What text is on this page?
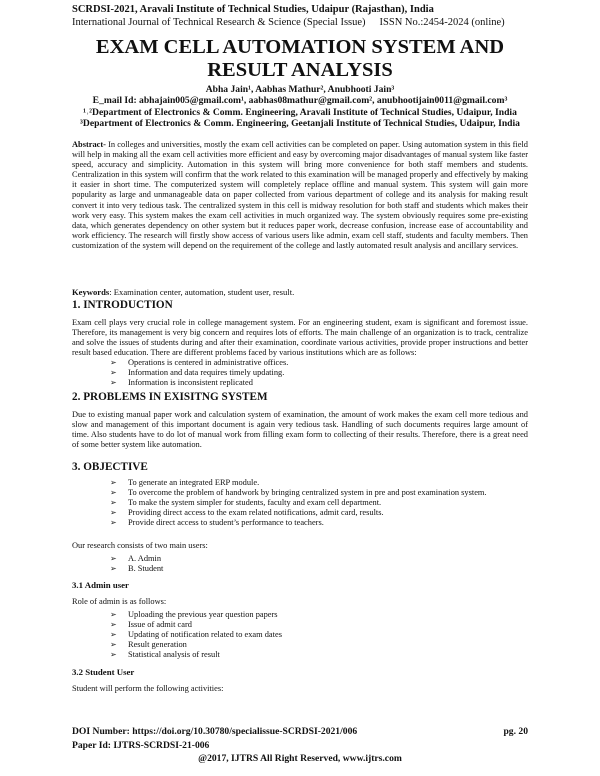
SCRDSI-2021, Aravali Institute of Technical Studies, Udaipur (Rajasthan), India
International Journal of Technical Research & Science (Special Issue) ISSN No.:2454-2024 (online)
EXAM CELL AUTOMATION SYSTEM AND
RESULT ANALYSIS
Abha Jain¹, Aabhas Mathur², Anubhooti Jain³
E_mail Id: abhajain005@gmail.com¹, aabhas08mathur@gmail.com², anubhootijain0011@gmail.com³
¹˒²Department of Electronics & Comm. Engineering, Aravali Institute of Technical Studies, Udaipur, India
³Department of Electronics & Comm. Engineering, Geetanjali Institute of Technical Studies, Udaipur, India
Abstract- In colleges and universities, mostly the exam cell activities can be completed on paper. Using automation system in this field will help in making all the exam cell activities more efficient and easy by overcoming major disadvantages of manual system like faster speed, accuracy and simplicity. Automation in this system will bring more convenience for both staff members and students. Centralization in this system will confirm that the work related to this examination will be managed properly and effectively by making it easier in short time. The computerized system will completely replace offline and manual system. This system will gain more popularity as large and unmanageable data on paper collected from various department of college and its analysis for making result convert it into very tedious task. The centralized system in this cell is midway resolution for both staff and students which makes their work very easy. This system makes the exam cell activities in much organized way. The system obviously requires some pre-existing data, which generates dependency on other system but it reduces paper work, decrease confusion, increase ease of accountability and work efficiency. The research will firstly show access of various users like admin, exam cell staff, students and faculty members. Then customization of the system will depend on the requirement of the college and lastly automated result analysis and ancillary services.
Keywords: Examination center, automation, student user, result.
1. INTRODUCTION
Exam cell plays very crucial role in college management system. For an engineering student, exam is significant and foremost issue. Therefore, its management is very big concern and requires lots of efforts. The main challenge of an organization is to track, centralize and solve the issues of students during and after their examination, coordinate various activities, provide proper instructions and better result based education. There are different problems faced by various institutions which are as follows:
➢ Operations is centered in administrative offices.
➢ Information and data requires timely updating.
➢ Information is inconsistent replicated
2. PROBLEMS IN EXISITNG SYSTEM
Due to existing manual paper work and calculation system of examination, the amount of work makes the exam cell more tedious and slow and management of this important document is again very tedious task. Handling of such documents requires large amount of time. Also students have to do lot of manual work from filling exam form to collecting of their results. Therefore, there is a great need of some better system like automation.
3. OBJECTIVE
➢ To generate an integrated ERP module.
➢ To overcome the problem of handwork by bringing centralized system in pre and post examination system.
➢ To make the system simpler for students, faculty and exam cell department.
➢ Providing direct access to the exam related notifications, admit card, results.
➢ Provide direct access to student’s performance to teachers.
Our research consists of two main users:
➢ A. Admin
➢ B. Student
3.1 Admin user
Role of admin is as follows:
➢ Uploading the previous year question papers
➢ Issue of admit card
➢ Updating of notification related to exam dates
➢ Result generation
➢ Statistical analysis of result
3.2 Student User
Student will perform the following activities:
DOI Number: https://doi.org/10.30780/specialissue-SCRDSI-2021/006	pg. 20
Paper Id: IJTRS-SCRDSI-21-006
@2017, IJTRS All Right Reserved, www.ijtrs.com
